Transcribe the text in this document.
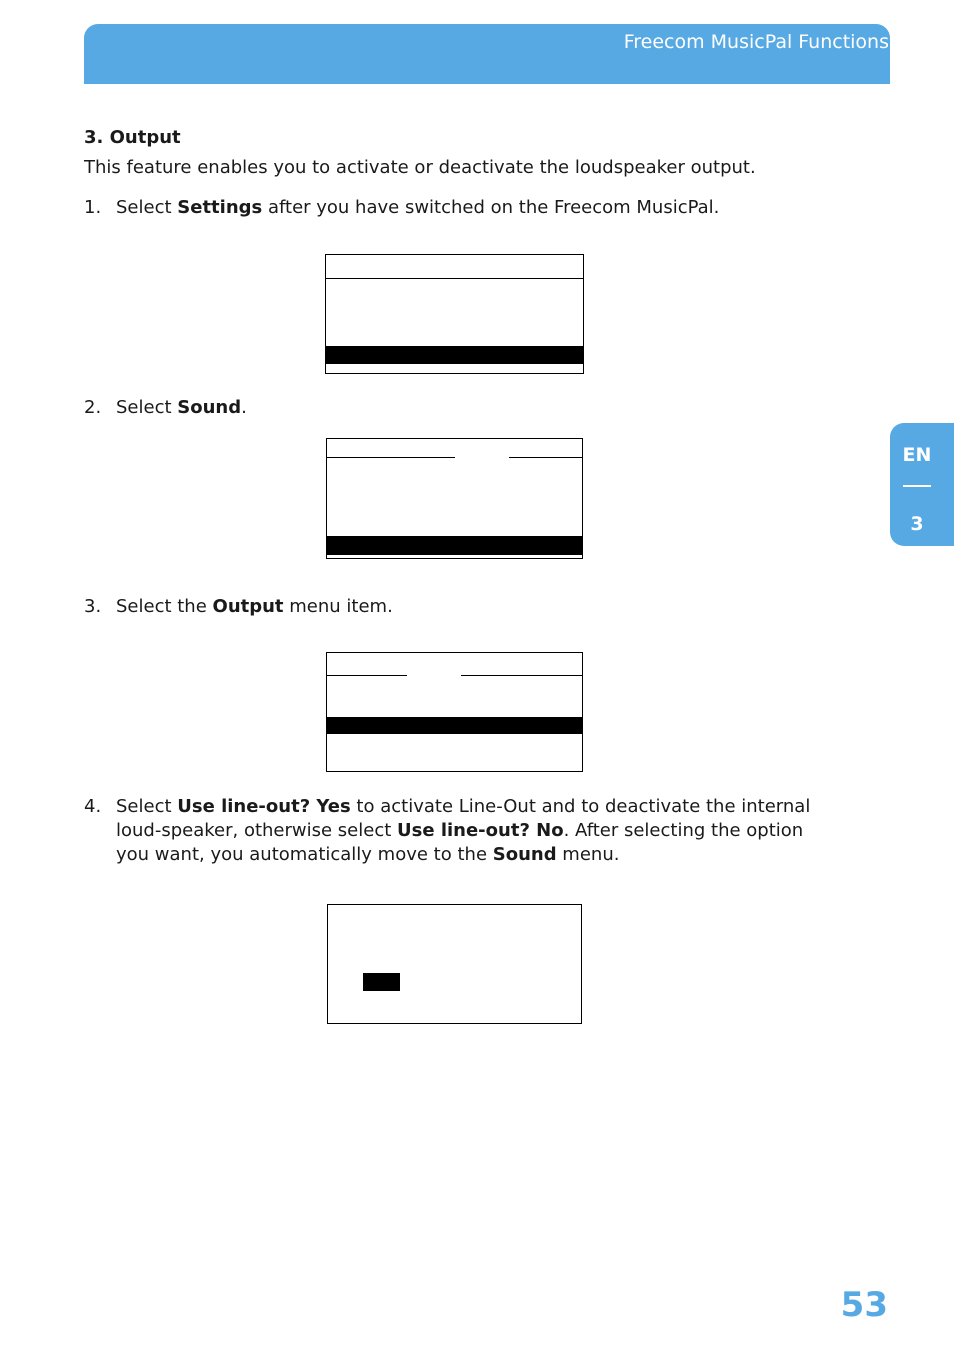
Freecom MusicPal Functions
EN
3
3. Output
This feature enables you to activate or deactivate the loudspeaker output.
1. Select Settings after you have switched on the Freecom MusicPal.
2. Select Sound.
3. Select the Output menu item.
4. Select Use line-out? Yes to activate Line-Out and to deactivate the internal loud-speaker, otherwise select Use line-out? No. After selecting the option you want, you automatically move to the Sound menu.
53
